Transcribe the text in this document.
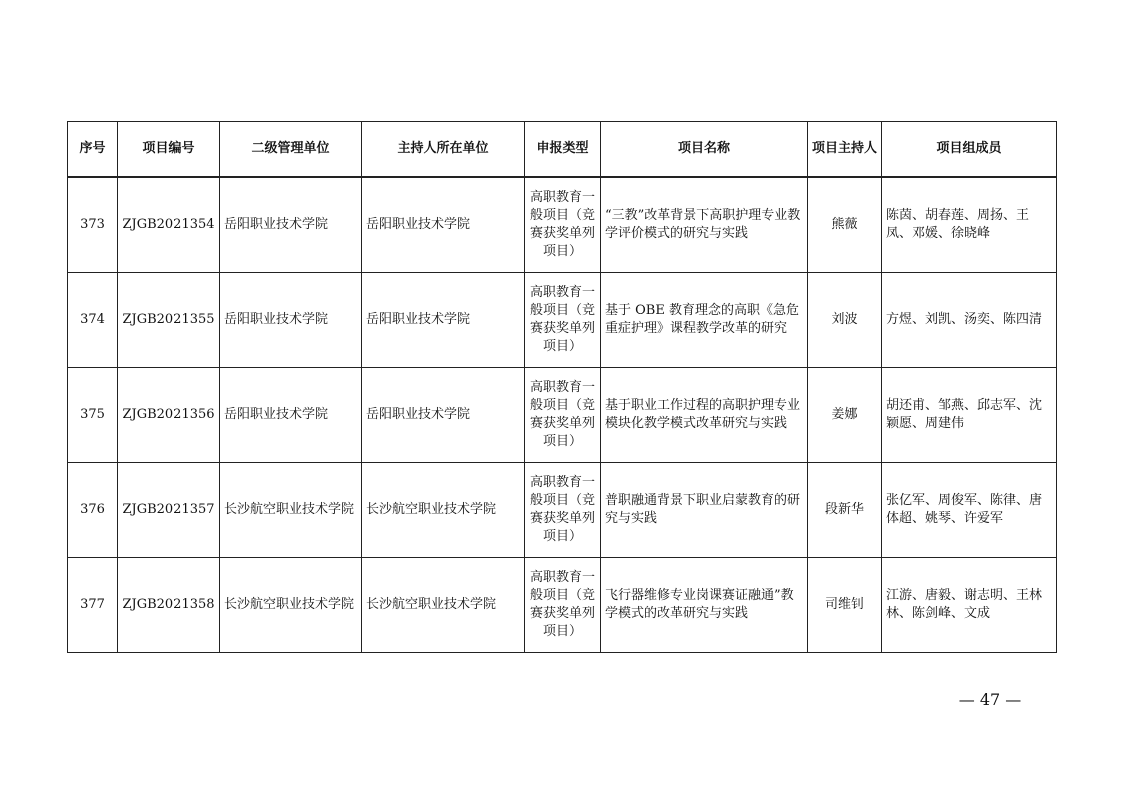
序号	项目编号	二级管理单位	主持人所在单位	申报类型	项目名称	项目主持人	项目组成员
373	ZJGB2021354	岳阳职业技术学院	岳阳职业技术学院	高职教育一般项目（竞赛获奖单列项目）	“三教”改革背景下高职护理专业教学评价模式的研究与实践	熊薇	陈茵、胡春莲、周扬、王凤、邓媛、徐晓峰
374	ZJGB2021355	岳阳职业技术学院	岳阳职业技术学院	高职教育一般项目（竞赛获奖单列项目）	基于 OBE 教育理念的高职《急危重症护理》课程教学改革的研究	刘波	方煜、刘凯、汤奕、陈四清
375	ZJGB2021356	岳阳职业技术学院	岳阳职业技术学院	高职教育一般项目（竞赛获奖单列项目）	基于职业工作过程的高职护理专业模块化教学模式改革研究与实践	姜娜	胡还甫、邹燕、邱志军、沈颖愿、周建伟
376	ZJGB2021357	长沙航空职业技术学院	长沙航空职业技术学院	高职教育一般项目（竞赛获奖单列项目）	普职融通背景下职业启蒙教育的研究与实践	段新华	张亿军、周俊军、陈律、唐体超、姚琴、许爱军
377	ZJGB2021358	长沙航空职业技术学院	长沙航空职业技术学院	高职教育一般项目（竞赛获奖单列项目）	飞行器维修专业岗课赛证融通”教学模式的改革研究与实践	司维钊	江游、唐毅、谢志明、王林林、陈剑峰、文成
— 47 —
